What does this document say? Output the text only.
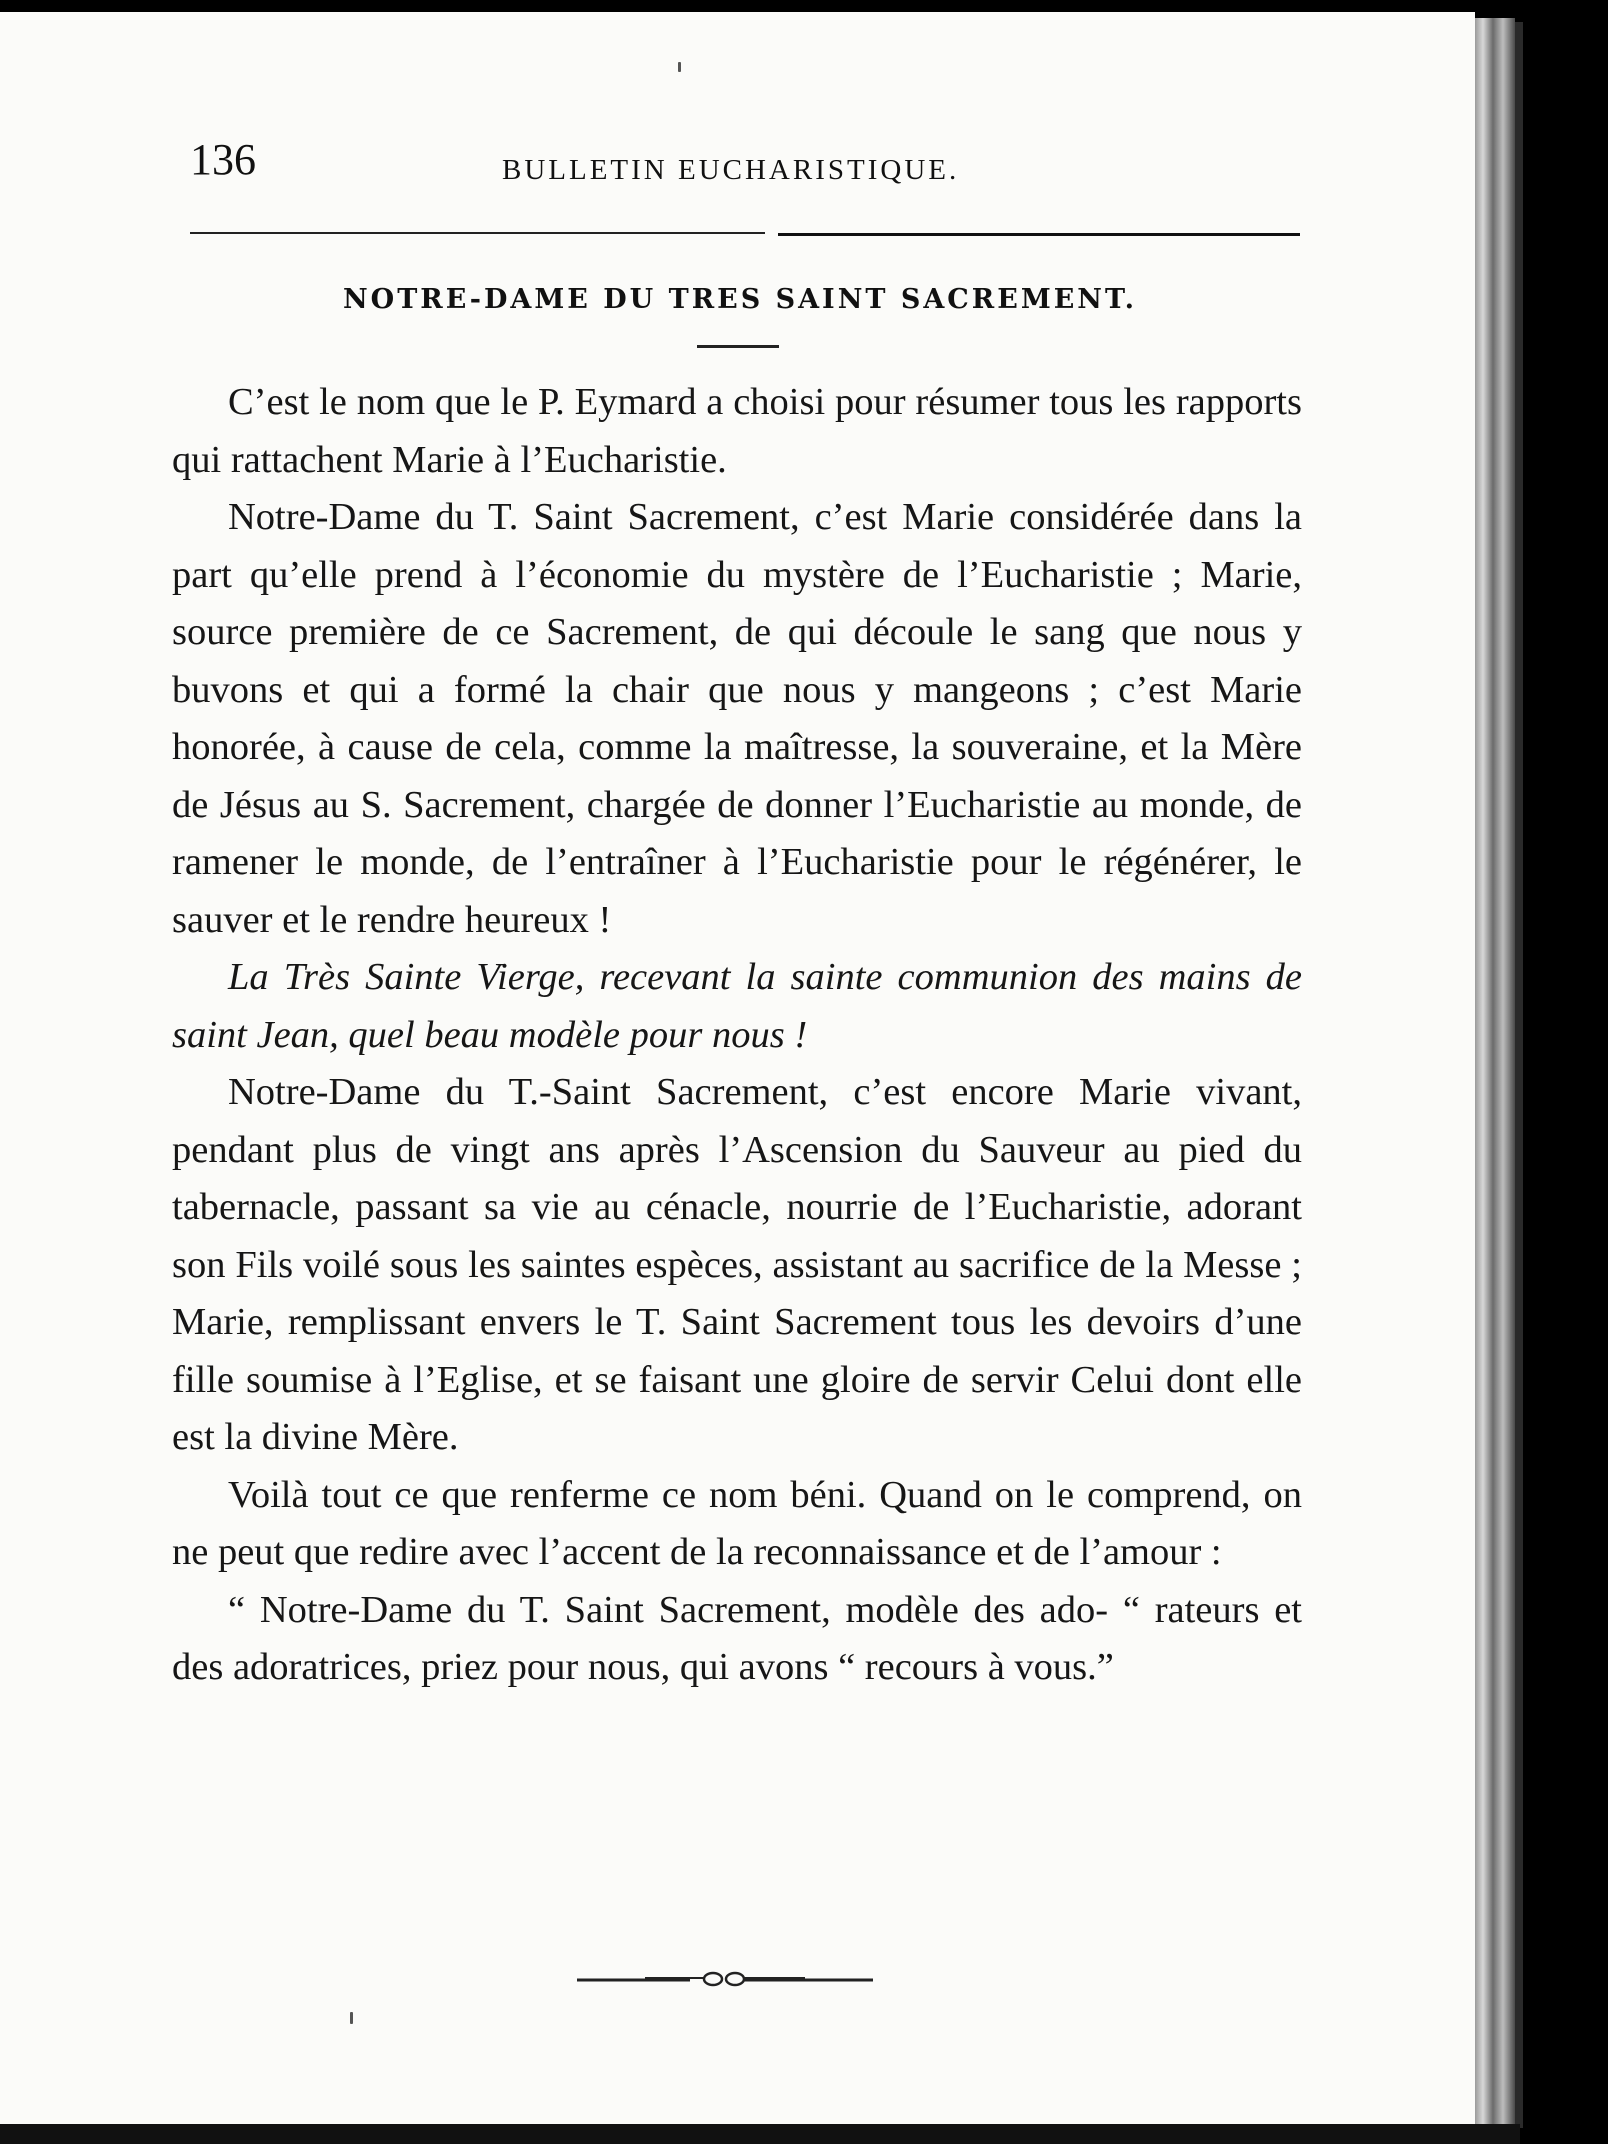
136	BULLETIN EUCHARISTIQUE.
NOTRE-DAME DU TRES SAINT SACREMENT.

C’est le nom que le P. Eymard a choisi pour résumer tous les rapports qui rattachent Marie à l’Eucharistie.

Notre-Dame du T. Saint Sacrement, c’est Marie considérée dans la part qu’elle prend à l’économie du mystère de l’Eucharistie ; Marie, source première de ce Sacrement, de qui découle le sang que nous y buvons et qui a formé la chair que nous y mangeons ; c’est Marie honorée, à cause de cela, comme la maîtresse, la souveraine, et la Mère de Jésus au S. Sacrement, chargée de donner l’Eucharistie au monde, de ramener le monde, de l’entraîner à l’Eucharistie pour le régénérer, le sauver et le rendre heureux !

La Très Sainte Vierge, recevant la sainte communion des mains de saint Jean, quel beau modèle pour nous !

Notre-Dame du T.-Saint Sacrement, c’est encore Marie vivant, pendant plus de vingt ans après l’Ascension du Sauveur au pied du tabernacle, passant sa vie au cénacle, nourrie de l’Eucharistie, adorant son Fils voilé sous les saintes espèces, assistant au sacrifice de la Messe ; Marie, remplissant envers le T. Saint Sacrement tous les devoirs d’une fille soumise à l’Eglise, et se faisant une gloire de servir Celui dont elle est la divine Mère.

Voilà tout ce que renferme ce nom béni. Quand on le comprend, on ne peut que redire avec l’accent de la reconnaissance et de l’amour :

“ Notre-Dame du T. Saint Sacrement, modèle des ado- “ rateurs et des adoratrices, priez pour nous, qui avons “ recours à vous.”
